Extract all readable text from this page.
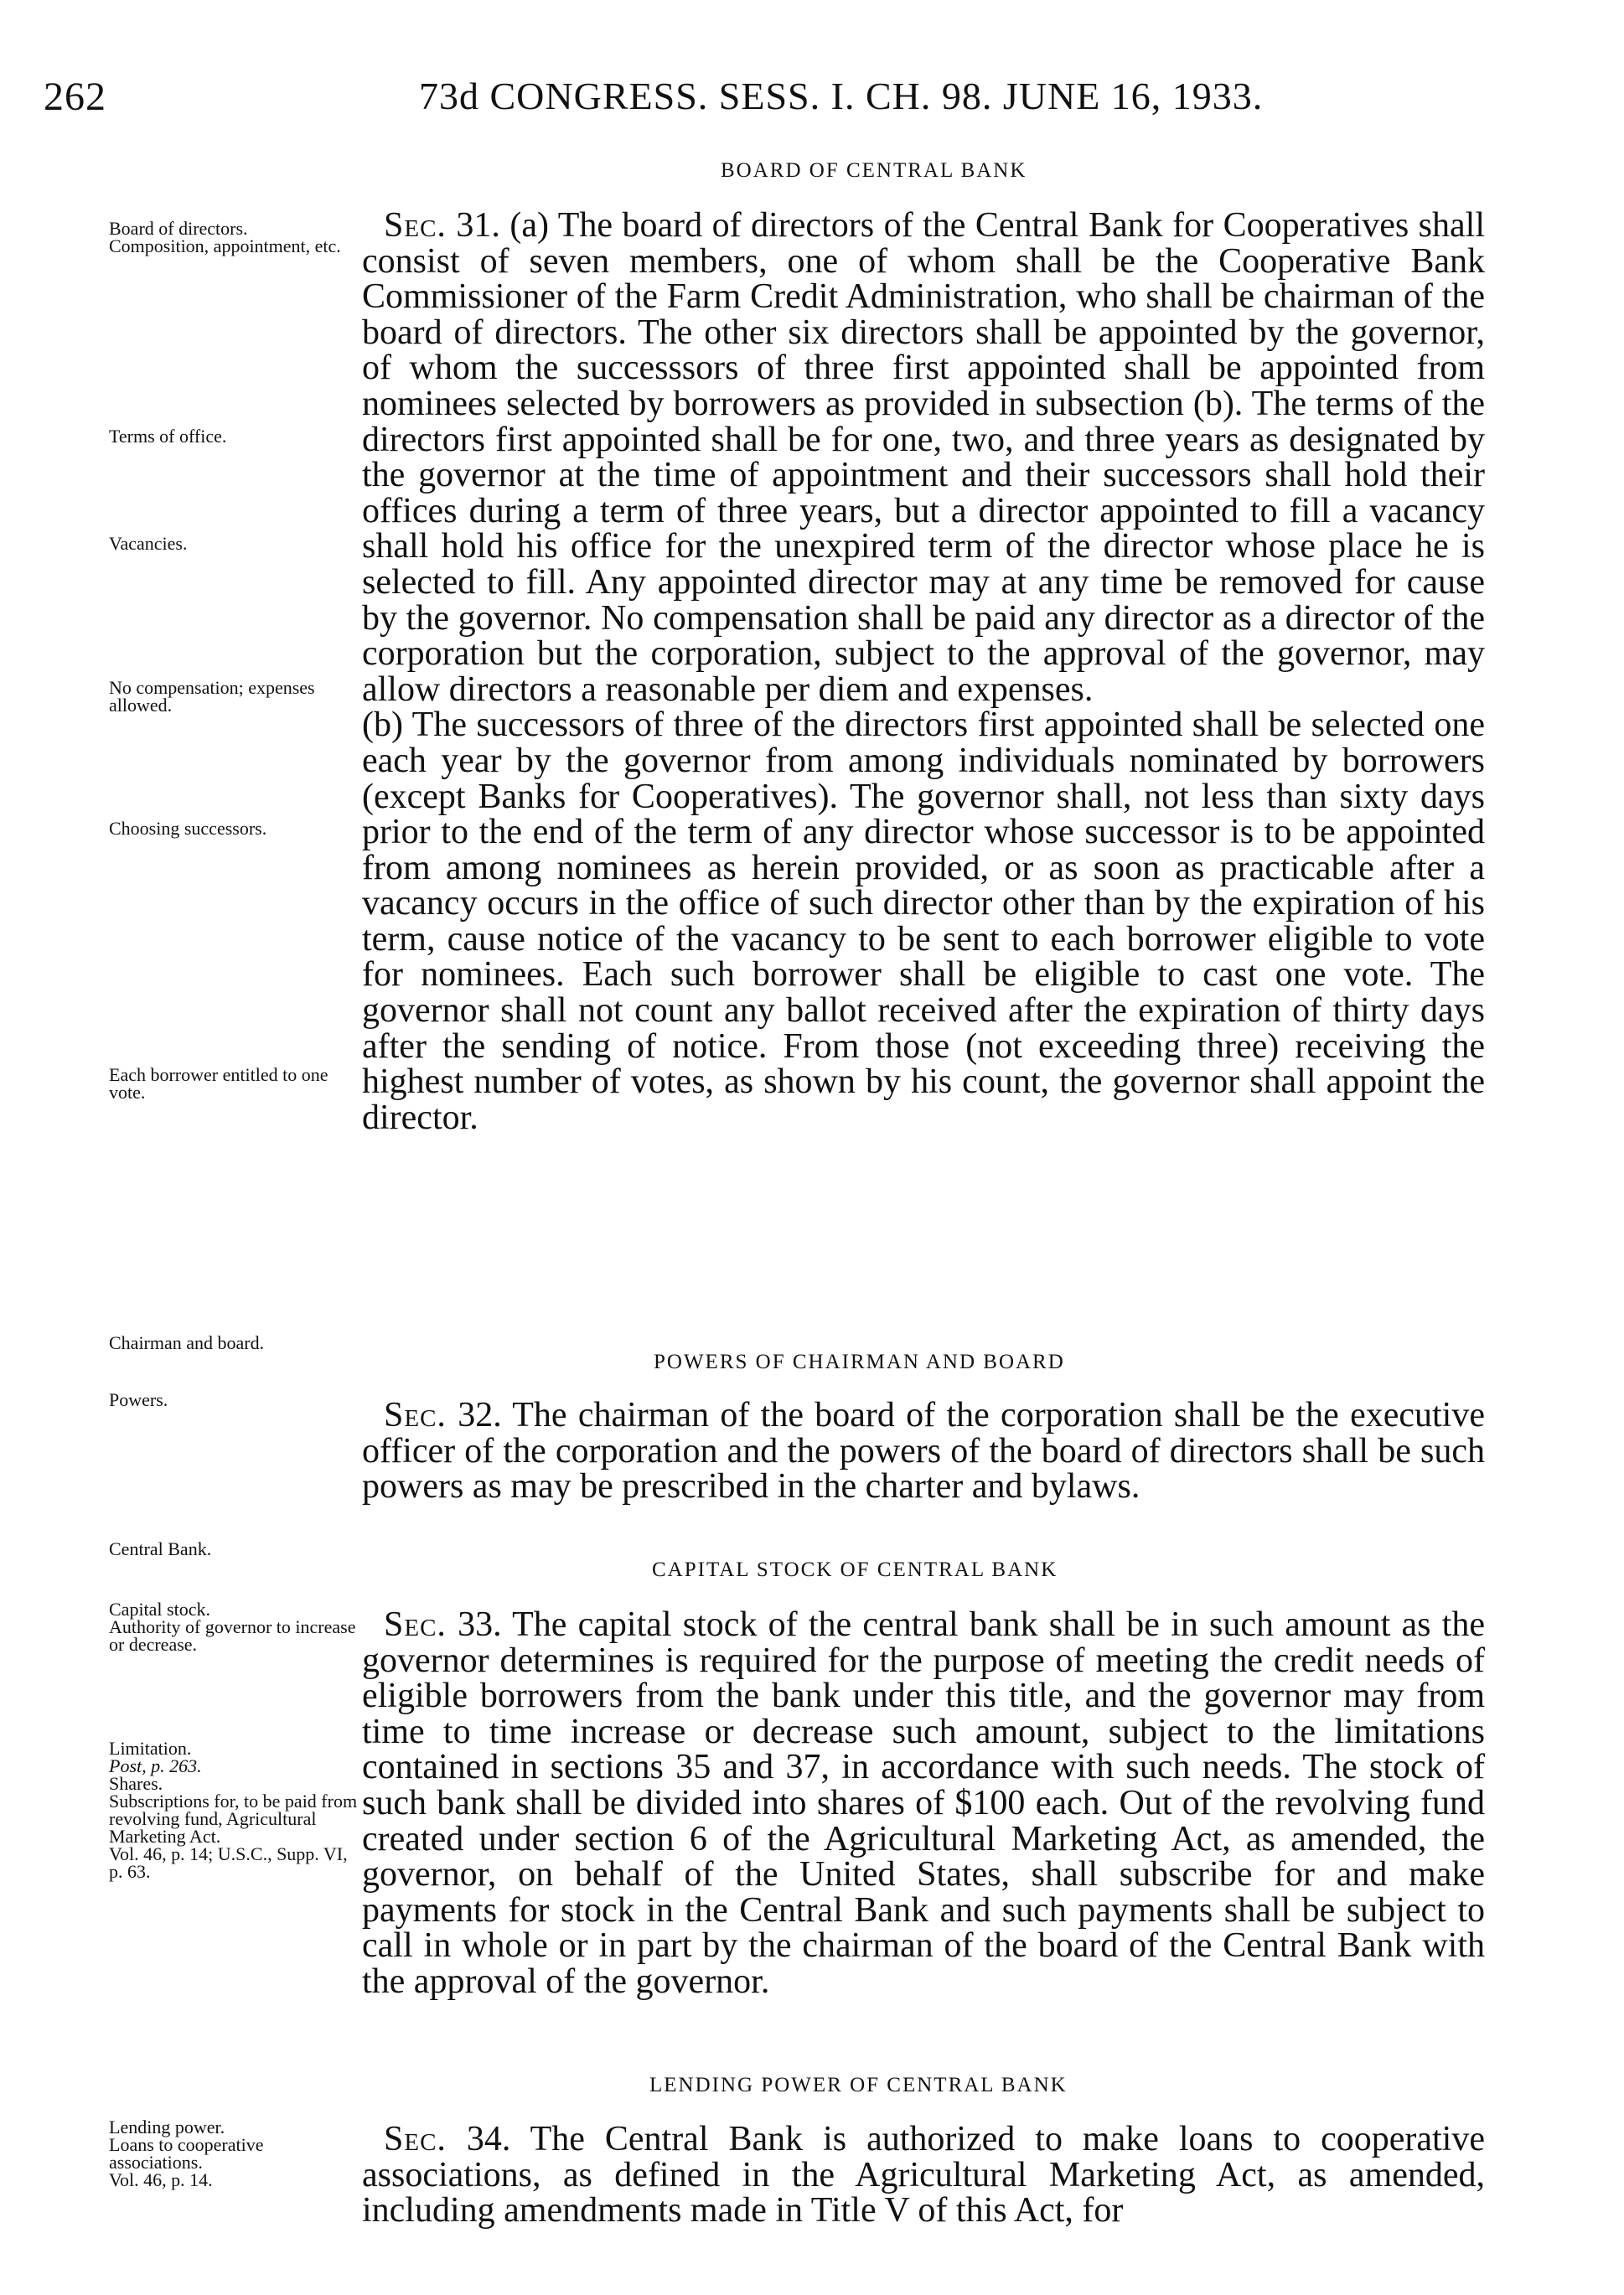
262	73d CONGRESS. SESS. I. CH. 98. JUNE 16, 1933.
BOARD OF CENTRAL BANK

Sec. 31. (a) The board of directors of the Central Bank for Cooperatives shall consist of seven members, one of whom shall be the Cooperative Bank Commissioner of the Farm Credit Administration, who shall be chairman of the board of directors. The other six directors shall be appointed by the governor, of whom the successsors of three first appointed shall be appointed from nominees selected by borrowers as provided in subsection (b). The terms of the directors first appointed shall be for one, two, and three years as designated by the governor at the time of appointment and their successors shall hold their offices during a term of three years, but a director appointed to fill a vacancy shall hold his office for the unexpired term of the director whose place he is selected to fill. Any appointed director may at any time be removed for cause by the governor. No compensation shall be paid any director as a director of the corporation but the corporation, subject to the approval of the governor, may allow directors a reasonable per diem and expenses.

(b) The successors of three of the directors first appointed shall be selected one each year by the governor from among individuals nominated by borrowers (except Banks for Cooperatives). The governor shall, not less than sixty days prior to the end of the term of any director whose successor is to be appointed from among nominees as herein provided, or as soon as practicable after a vacancy occurs in the office of such director other than by the expiration of his term, cause notice of the vacancy to be sent to each borrower eligible to vote for nominees. Each such borrower shall be eligible to cast one vote. The governor shall not count any ballot received after the expiration of thirty days after the sending of notice. From those (not exceeding three) receiving the highest number of votes, as shown by his count, the governor shall appoint the director.

POWERS OF CHAIRMAN AND BOARD

Sec. 32. The chairman of the board of the corporation shall be the executive officer of the corporation and the powers of the board of directors shall be such powers as may be prescribed in the charter and bylaws.

CAPITAL STOCK OF CENTRAL BANK

Sec. 33. The capital stock of the central bank shall be in such amount as the governor determines is required for the purpose of meeting the credit needs of eligible borrowers from the bank under this title, and the governor may from time to time increase or decrease such amount, subject to the limitations contained in sections 35 and 37, in accordance with such needs. The stock of such bank shall be divided into shares of $100 each. Out of the revolving fund created under section 6 of the Agricultural Marketing Act, as amended, the governor, on behalf of the United States, shall subscribe for and make payments for stock in the Central Bank and such payments shall be subject to call in whole or in part by the chairman of the board of the Central Bank with the approval of the governor.

LENDING POWER OF CENTRAL BANK

Sec. 34. The Central Bank is authorized to make loans to cooperative associations, as defined in the Agricultural Marketing Act, as amended, including amendments made in Title V of this Act, for

Board of directors.
Composition, appointment, etc.
Terms of office.
Vacancies.
No compensation; expenses allowed.
Choosing successors.
Each borrower entitled to one vote.
Chairman and board.
Powers.
Central Bank.
Capital stock.
Authority of governor to increase or decrease.
Limitation.
Post, p. 263.
Shares.
Subscriptions for, to be paid from revolving fund, Agricultural Marketing Act.
Vol. 46, p. 14; U.S.C., Supp. VI, p. 63.
Lending power.
Loans to cooperative associations.
Vol. 46, p. 14.
